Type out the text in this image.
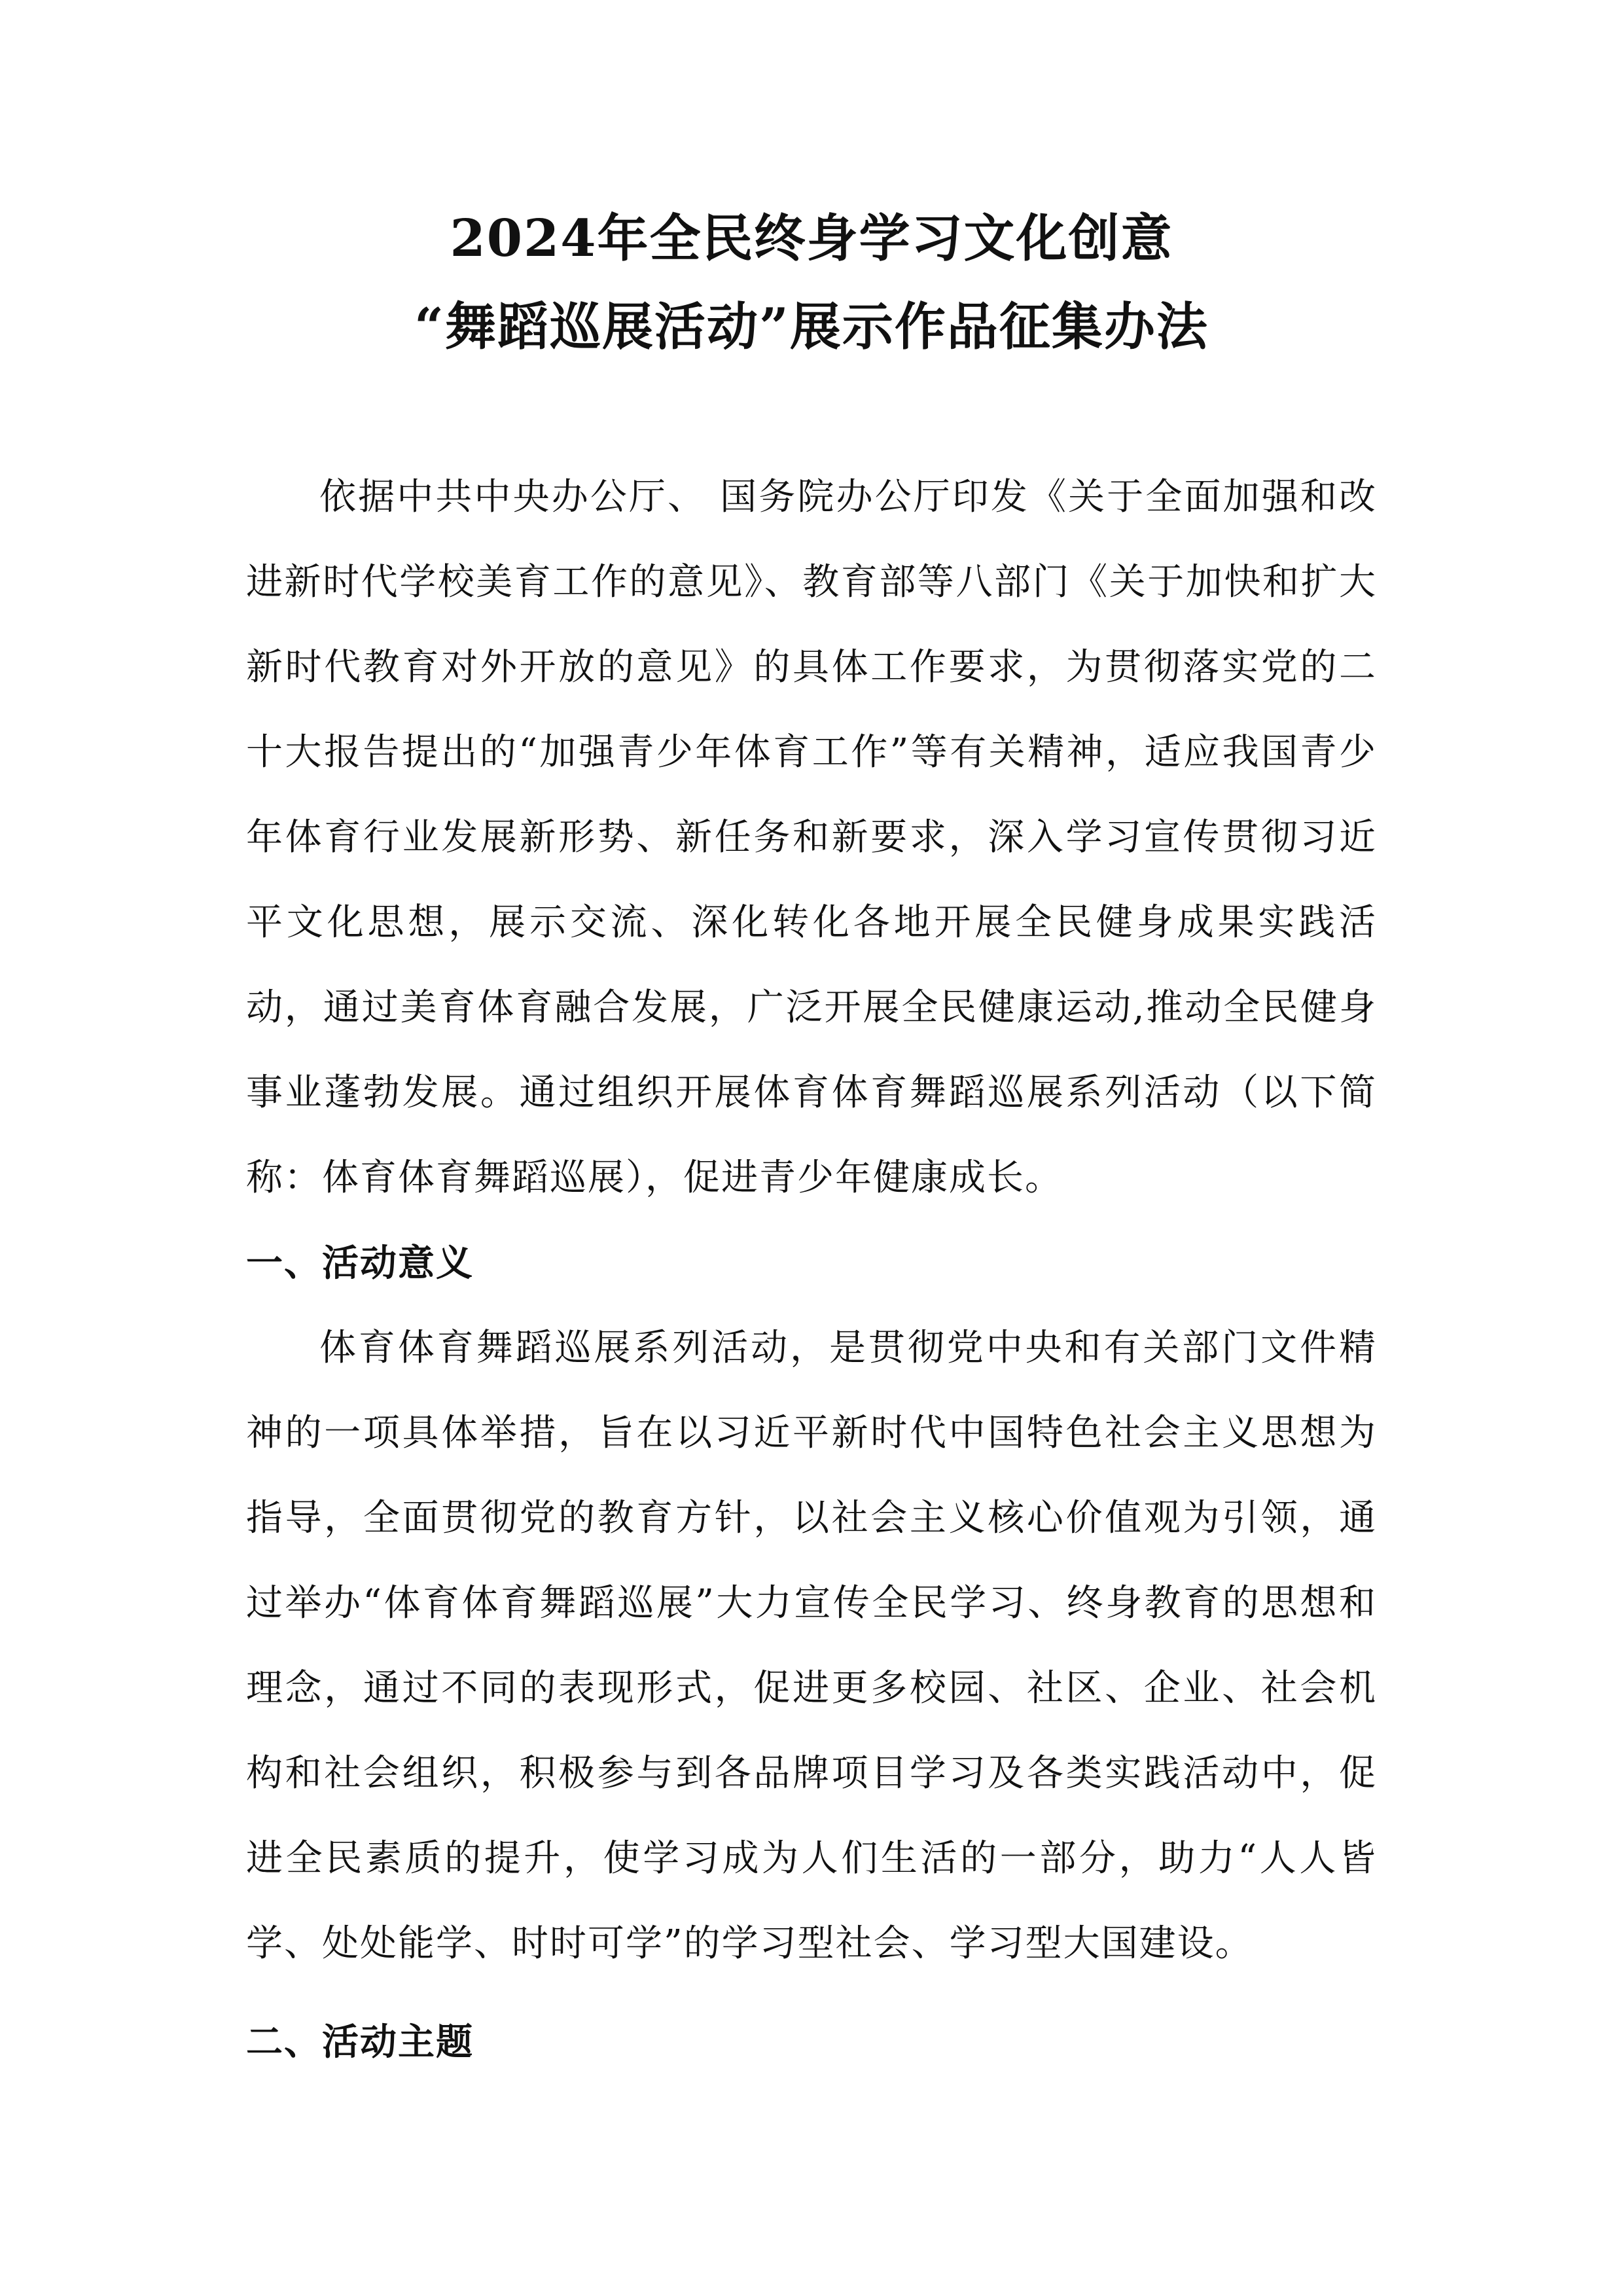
2024年全民终身学习文化创意
“舞蹈巡展活动”展示作品征集办法

依据中共中央办公厅、 国务院办公厅印发《关于全面加强和改进新时代学校美育工作的意见》、教育部等八部门《关于加快和扩大新时代教育对外开放的意见》的具体工作要求，为贯彻落实党的二十大报告提出的“加强青少年体育工作”等有关精神，适应我国青少年体育行业发展新形势、新任务和新要求，深入学习宣传贯彻习近平文化思想，展示交流、深化转化各地开展全民健身成果实践活动，通过美育体育融合发展，广泛开展全民健康运动,推动全民健身事业蓬勃发展。通过组织开展体育体育舞蹈巡展系列活动（以下简称：体育体育舞蹈巡展），促进青少年健康成长。

一、活动意义

体育体育舞蹈巡展系列活动，是贯彻党中央和有关部门文件精神的一项具体举措，旨在以习近平新时代中国特色社会主义思想为指导，全面贯彻党的教育方针，以社会主义核心价值观为引领，通过举办“体育体育舞蹈巡展”大力宣传全民学习、终身教育的思想和理念，通过不同的表现形式，促进更多校园、社区、企业、社会机构和社会组织，积极参与到各品牌项目学习及各类实践活动中，促进全民素质的提升，使学习成为人们生活的一部分，助力“人人皆学、处处能学、时时可学”的学习型社会、学习型大国建设。

二、活动主题
